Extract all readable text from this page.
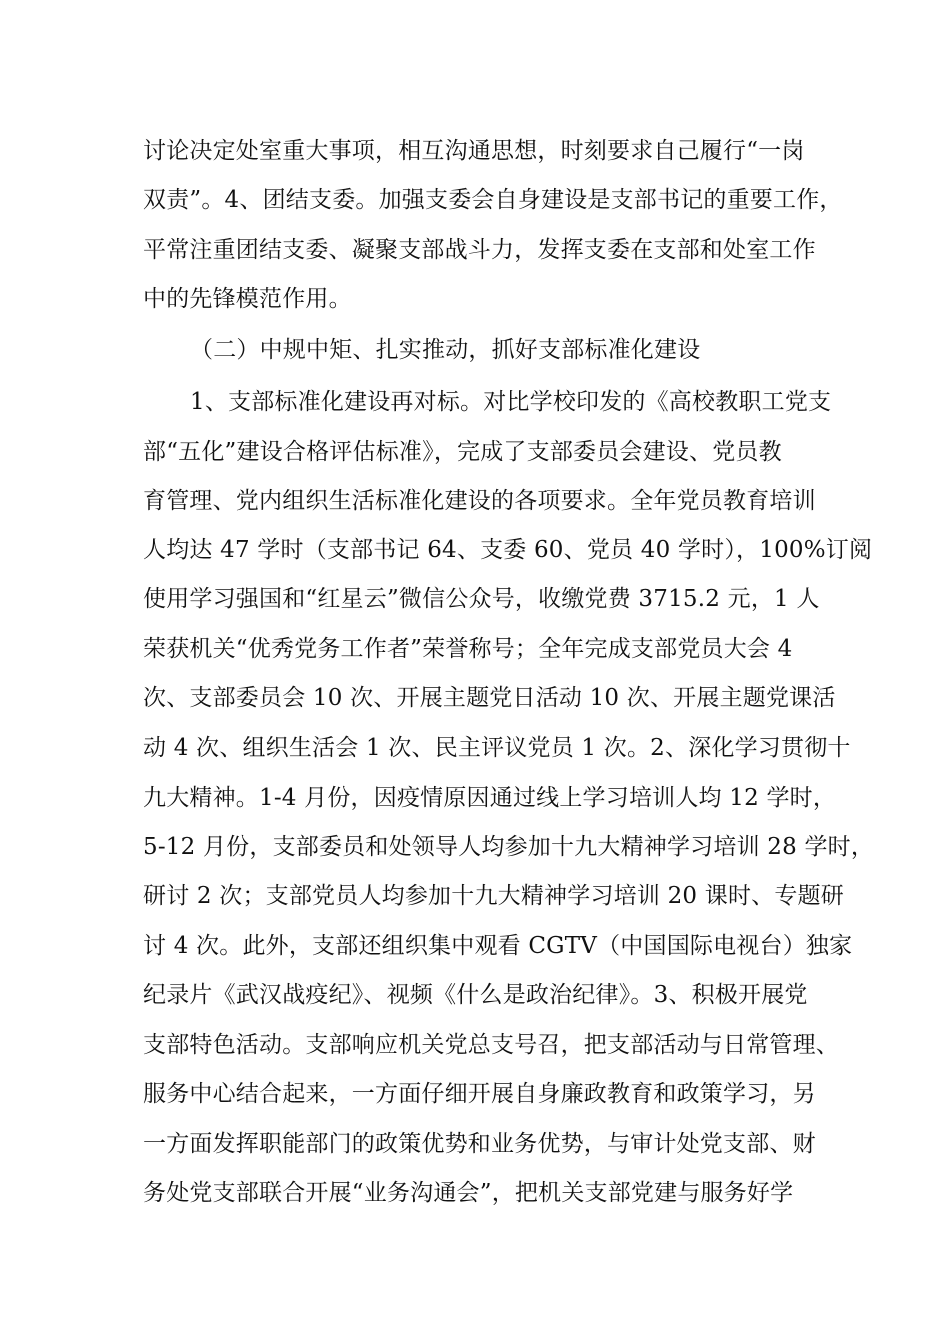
讨论决定处室重大事项，相互沟通思想，时刻要求自己履行“一岗
双责”。4、团结支委。加强支委会自身建设是支部书记的重要工作，
平常注重团结支委、凝聚支部战斗力，发挥支委在支部和处室工作
中的先锋模范作用。
（二）中规中矩、扎实推动，抓好支部标准化建设
1、支部标准化建设再对标。对比学校印发的《高校教职工党支
部“五化”建设合格评估标准》，完成了支部委员会建设、党员教
育管理、党内组织生活标准化建设的各项要求。全年党员教育培训
人均达 47 学时（支部书记 64、支委 60、党员 40 学时），100%订阅
使用学习强国和“红星云”微信公众号，收缴党费 3715.2 元，1 人
荣获机关“优秀党务工作者”荣誉称号；全年完成支部党员大会 4
次、支部委员会 10 次、开展主题党日活动 10 次、开展主题党课活
动 4 次、组织生活会 1 次、民主评议党员 1 次。2、深化学习贯彻十
九大精神。1-4 月份，因疫情原因通过线上学习培训人均 12 学时，
5-12 月份，支部委员和处领导人均参加十九大精神学习培训 28 学时，
研讨 2 次；支部党员人均参加十九大精神学习培训 20 课时、专题研
讨 4 次。此外，支部还组织集中观看 CGTV（中国国际电视台）独家
纪录片《武汉战疫纪》、视频《什么是政治纪律》。3、积极开展党
支部特色活动。支部响应机关党总支号召，把支部活动与日常管理、
服务中心结合起来，一方面仔细开展自身廉政教育和政策学习，另
一方面发挥职能部门的政策优势和业务优势，与审计处党支部、财
务处党支部联合开展“业务沟通会”，把机关支部党建与服务好学
